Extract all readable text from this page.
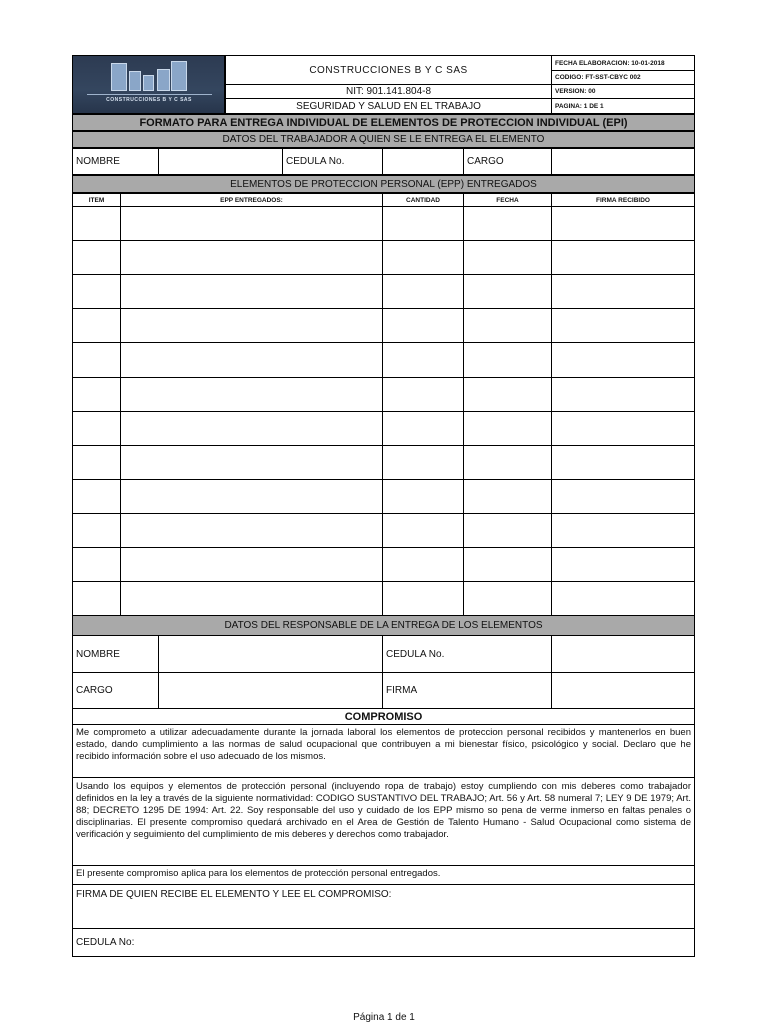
CONSTRUCCIONES B Y C SAS
CONSTRUCCIONES B Y C SAS
NIT: 901.141.804-8
SEGURIDAD Y SALUD EN EL TRABAJO
FECHA ELABORACION: 10-01-2018
CODIGO: FT-SST-CBYC 002
VERSION: 00
PAGINA: 1 DE 1
FORMATO PARA ENTREGA INDIVIDUAL DE ELEMENTOS DE PROTECCION INDIVIDUAL (EPI)
DATOS DEL TRABAJADOR A QUIEN SE LE ENTREGA EL ELEMENTO
NOMBRE	CEDULA No.	CARGO
ELEMENTOS DE PROTECCION PERSONAL (EPP) ENTREGADOS
ITEM	EPP ENTREGADOS:	CANTIDAD	FECHA	FIRMA RECIBIDO
DATOS DEL RESPONSABLE DE LA ENTREGA DE LOS ELEMENTOS
NOMBRE	CEDULA No.
CARGO	FIRMA
COMPROMISO
Me comprometo a utilizar adecuadamente durante la jornada laboral los elementos de proteccion personal recibidos y mantenerlos en buen estado, dando cumplimiento a las normas de salud ocupacional que contribuyen a mi bienestar físico, psicológico y social. Declaro que he recibido información sobre el uso adecuado de los mismos.
Usando los equipos y elementos de protección personal (incluyendo ropa de trabajo) estoy cumpliendo con mis deberes como trabajador definidos en la ley a través de la siguiente normatividad: CODIGO SUSTANTIVO DEL TRABAJO; Art. 56 y Art. 58 numeral 7; LEY 9 DE 1979; Art. 88; DECRETO 1295 DE 1994: Art. 22. Soy responsable del uso y cuidado de los EPP mismo so pena de verme inmerso en faltas penales o disciplinarias. El presente compromiso quedará archivado en el Area de Gestión de Talento Humano - Salud Ocupacional como sistema de verificación y seguimiento del cumplimiento de mis deberes y derechos como trabajador.
El presente compromiso aplica para los elementos de protección personal entregados.
FIRMA DE QUIEN RECIBE EL ELEMENTO Y LEE EL COMPROMISO:
CEDULA No:
Página 1 de 1
